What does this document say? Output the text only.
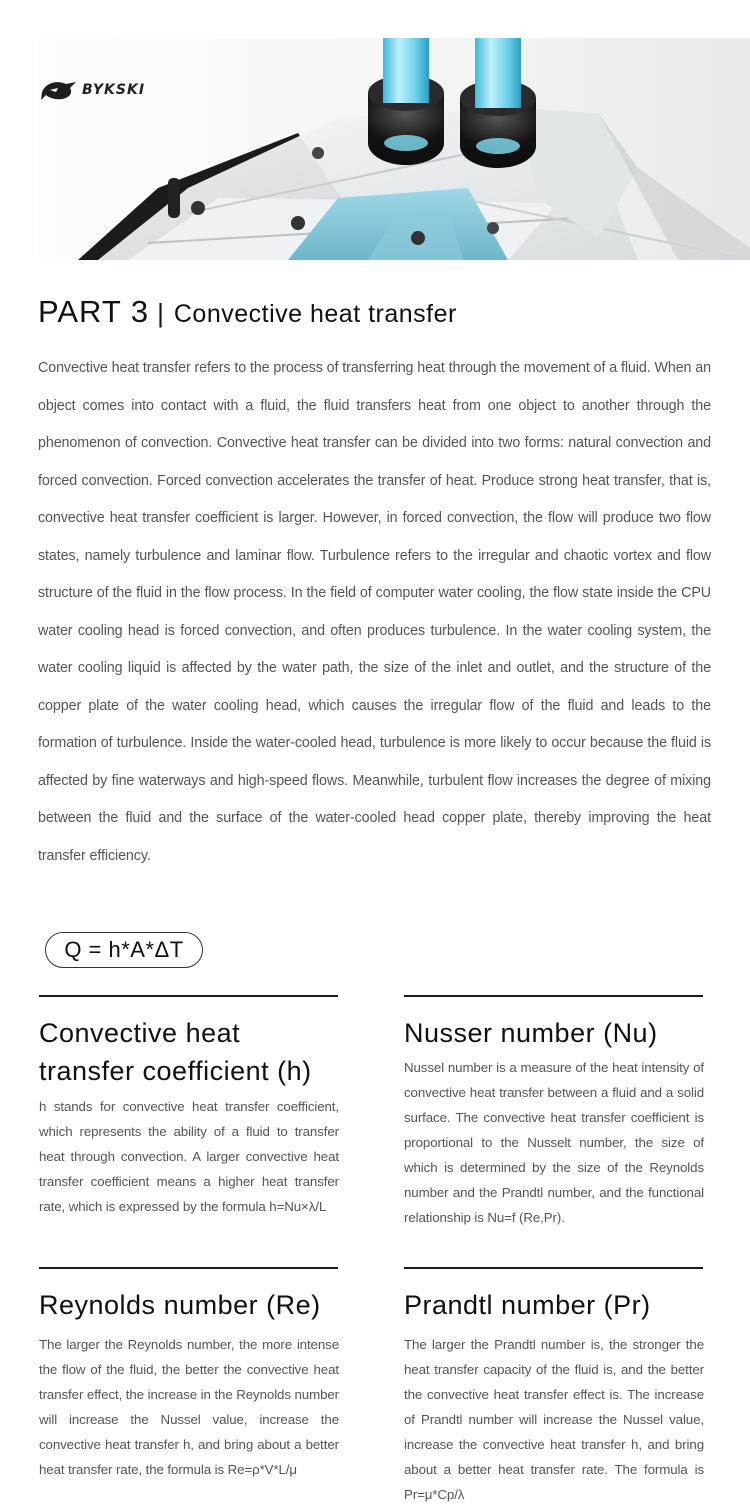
BYKSKI
PART 3 | Convective heat transfer

Convective heat transfer refers to the process of transferring heat through the movement of a fluid. When an object comes into contact with a fluid, the fluid transfers heat from one object to another through the phenomenon of convection. Convective heat transfer can be divided into two forms: natural convection and forced convection. Forced convection accelerates the transfer of heat. Produce strong heat transfer, that is, convective heat transfer coefficient is larger. However, in forced convection, the flow will produce two flow states, namely turbulence and laminar flow. Turbulence refers to the irregular and chaotic vortex and flow structure of the fluid in the flow process. In the field of computer water cooling, the flow state inside the CPU water cooling head is forced convection, and often produces turbulence. In the water cooling system, the water cooling liquid is affected by the water path, the size of the inlet and outlet, and the structure of the copper plate of the water cooling head, which causes the irregular flow of the fluid and leads to the formation of turbulence. Inside the water-cooled head, turbulence is more likely to occur because the fluid is affected by fine waterways and high-speed flows. Meanwhile, turbulent flow increases the degree of mixing between the fluid and the surface of the water-cooled head copper plate, thereby improving the heat transfer efficiency.

Q = h*A*ΔT
Convective heat transfer coefficient (h)

h stands for convective heat transfer coefficient, which represents the ability of a fluid to transfer heat through convection. A larger convective heat transfer coefficient means a higher heat transfer rate, which is expressed by the formula h=Nu×λ/L

Nusser number (Nu)

Nussel number is a measure of the heat intensity of convective heat transfer between a fluid and a solid surface. The convective heat transfer coefficient is proportional to the Nusselt number, the size of which is determined by the size of the Reynolds number and the Prandtl number, and the functional relationship is Nu=f (Re,Pr).

Reynolds number (Re)

The larger the Reynolds number, the more intense the flow of the fluid, the better the convective heat transfer effect, the increase in the Reynolds number will increase the Nussel value, increase the convective heat transfer h, and bring about a better heat transfer rate, the formula is Re=ρ*V*L/μ

Prandtl number (Pr)

The larger the Prandtl number is, the stronger the heat transfer capacity of the fluid is, and the better the convective heat transfer effect is. The increase of Prandtl number will increase the Nussel value, increase the convective heat transfer h, and bring about a better heat transfer rate. The formula is Pr=μ*Cp/λ
